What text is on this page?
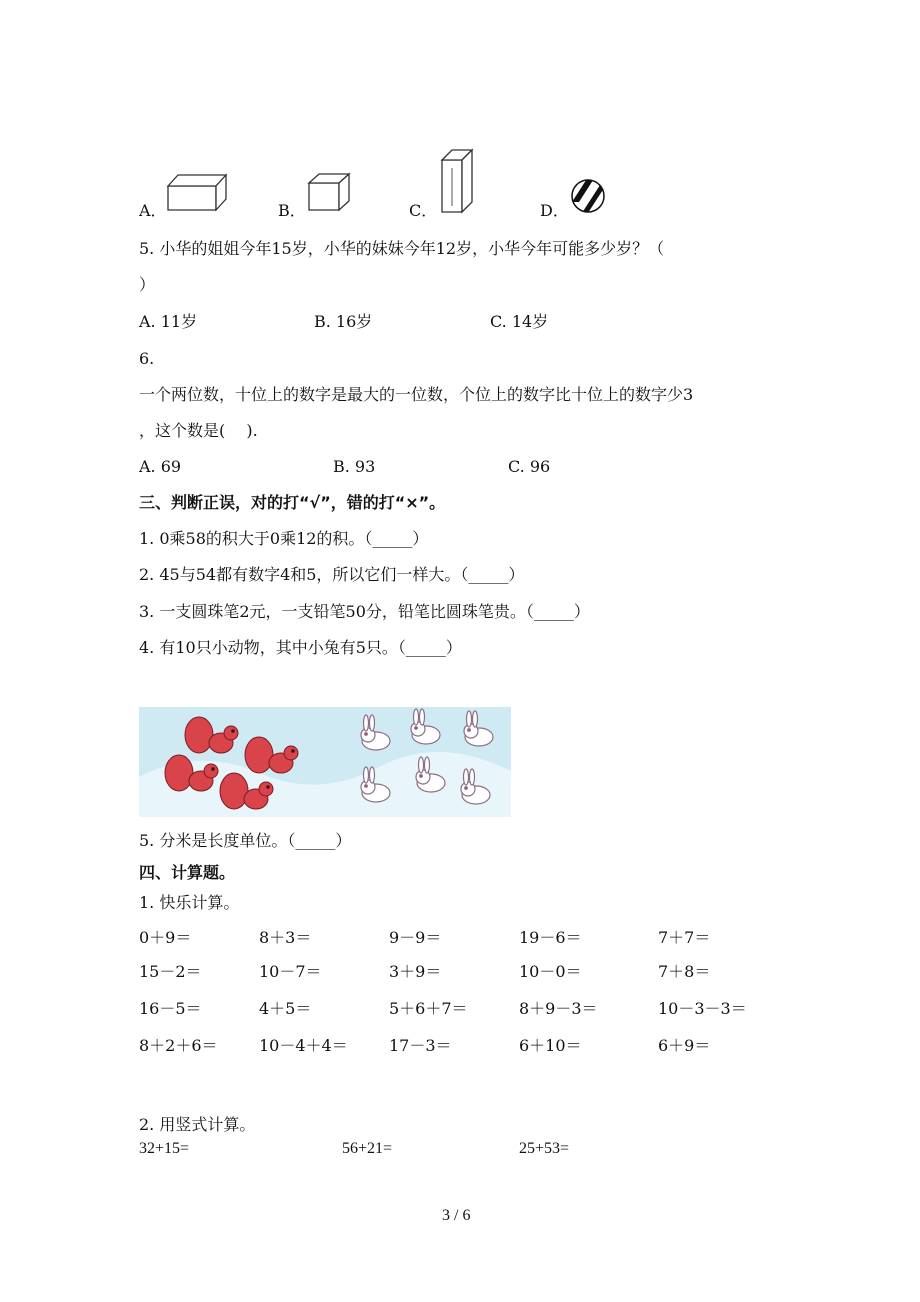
A．	B．	C．	D．
5. 小华的姐姐今年15岁，小华的妹妹今年12岁，小华今年可能多少岁？（
）
A. 11岁	B. 16岁	C. 14岁
6.
一个两位数，十位上的数字是最大的一位数，个位上的数字比十位上的数字少3
，这个数是(　 ).
A. 69	B. 93	C. 96
三、判断正误，对的打“√”，错的打“×”。
1. 0乘58的积大于0乘12的积。（_____）
2. 45与54都有数字4和5，所以它们一样大。（_____）
3. 一支圆珠笔2元，一支铅笔50分，铅笔比圆珠笔贵。（_____）
4. 有10只小动物，其中小兔有5只。（_____）
5. 分米是长度单位。（_____）
四、计算题。
1. 快乐计算。
0＋9＝	8＋3＝	9－9＝	19－6＝	7＋7＝
15－2＝	10－7＝	3＋9＝	10－0＝	7＋8＝
16－5＝	4＋5＝	5＋6＋7＝	8＋9－3＝	10－3－3＝
8＋2＋6＝	10－4＋4＝	17－3＝	6＋10＝	6＋9＝
2. 用竖式计算。
32+15=	56+21=	25+53=
3 / 6
